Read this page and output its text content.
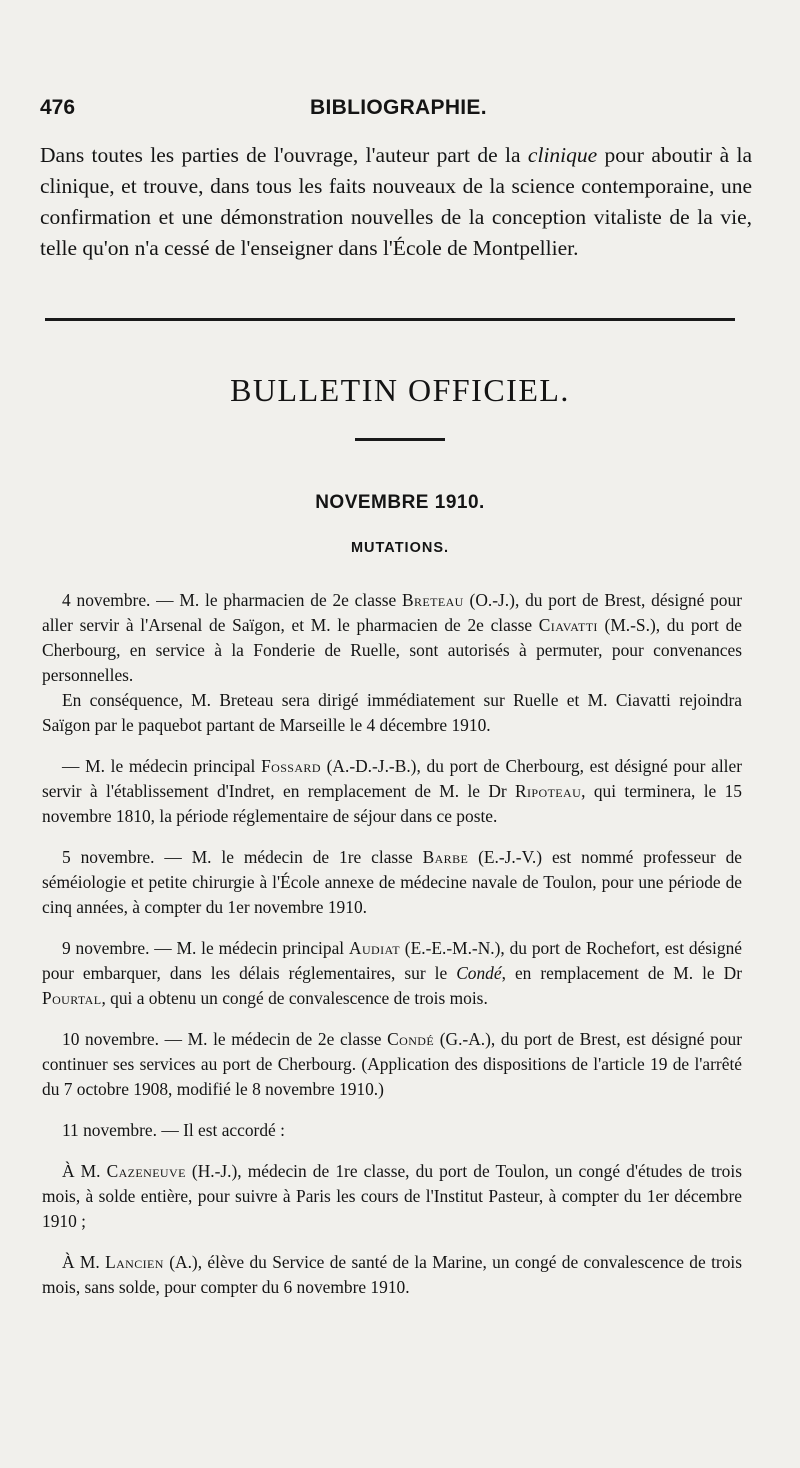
476	BIBLIOGRAPHIE.

Dans toutes les parties de l'ouvrage, l'auteur part de la clinique pour aboutir à la clinique, et trouve, dans tous les faits nouveaux de la science contemporaine, une confirmation et une démonstration nouvelles de la conception vitaliste de la vie, telle qu'on n'a cessé de l'enseigner dans l'École de Montpellier.

BULLETIN OFFICIEL.
NOVEMBRE 1910.
MUTATIONS.

4 novembre. — M. le pharmacien de 2e classe Breteau (O.-J.), du port de Brest, désigné pour aller servir à l'Arsenal de Saïgon, et M. le pharmacien de 2e classe Ciavatti (M.-S.), du port de Cherbourg, en service à la Fonderie de Ruelle, sont autorisés à permuter, pour convenances personnelles.

En conséquence, M. Breteau sera dirigé immédiatement sur Ruelle et M. Ciavatti rejoindra Saïgon par le paquebot partant de Marseille le 4 décembre 1910.

— M. le médecin principal Fossard (A.-D.-J.-B.), du port de Cherbourg, est désigné pour aller servir à l'établissement d'Indret, en remplacement de M. le Dr Ripoteau, qui terminera, le 15 novembre 1810, la période réglementaire de séjour dans ce poste.

5 novembre. — M. le médecin de 1re classe Barbe (E.-J.-V.) est nommé professeur de séméiologie et petite chirurgie à l'École annexe de médecine navale de Toulon, pour une période de cinq années, à compter du 1er novembre 1910.

9 novembre. — M. le médecin principal Audiat (E.-E.-M.-N.), du port de Rochefort, est désigné pour embarquer, dans les délais réglementaires, sur le Condé, en remplacement de M. le Dr Pourtal, qui a obtenu un congé de convalescence de trois mois.

10 novembre. — M. le médecin de 2e classe Condé (G.-A.), du port de Brest, est désigné pour continuer ses services au port de Cherbourg. (Application des dispositions de l'article 19 de l'arrêté du 7 octobre 1908, modifié le 8 novembre 1910.)

11 novembre. — Il est accordé :

À M. Cazeneuve (H.-J.), médecin de 1re classe, du port de Toulon, un congé d'études de trois mois, à solde entière, pour suivre à Paris les cours de l'Institut Pasteur, à compter du 1er décembre 1910 ;

À M. Lancien (A.), élève du Service de santé de la Marine, un congé de convalescence de trois mois, sans solde, pour compter du 6 novembre 1910.
